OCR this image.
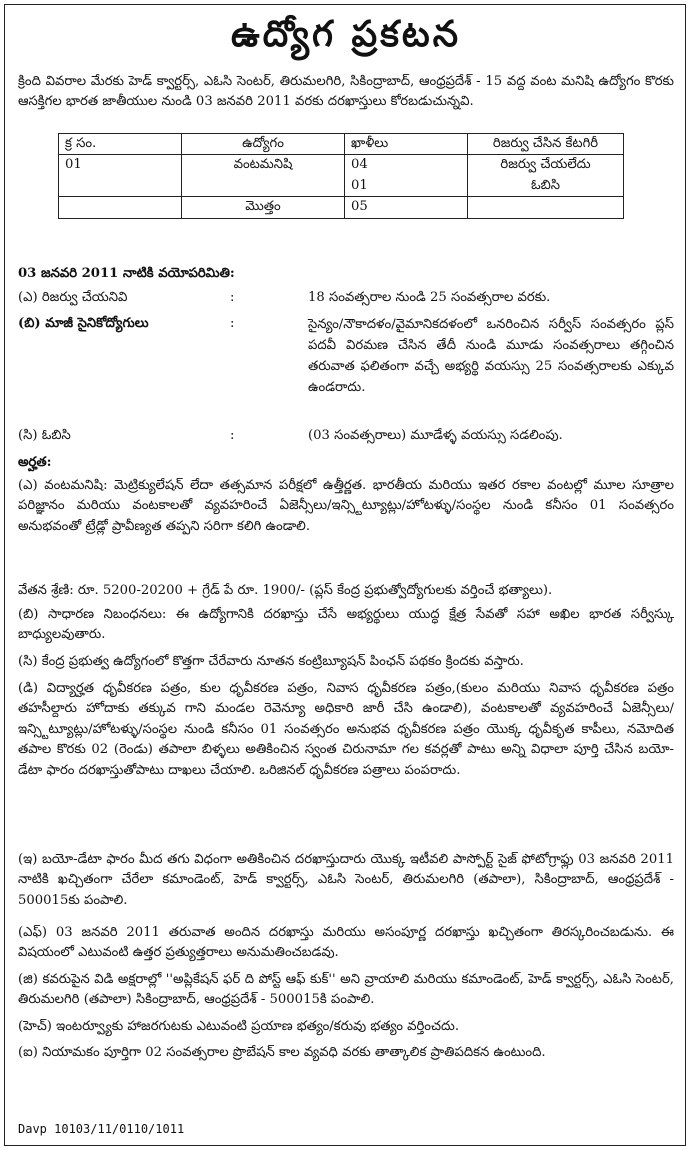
ఉద్యోగ ప్రకటన
క్రింది వివరాల మేరకు హెడ్ క్వార్టర్స్, ఎఓసి సెంటర్, తిరుమలగిరి, సికింద్రాబాద్, ఆంధ్రప్రదేశ్ - 15 వద్ద వంట మనిషి ఉద్యోగం కొరకు ఆసక్తిగల భారత జాతీయుల నుండి 03 జనవరి 2011 వరకు దరఖాస్తులు కోరబడుచున్నవి.
క్ర సం.	ఉద్యోగం	ఖాళీలు	రిజర్వు చేసిన కేటగిరీ
01	వంటమనిషి	04	రిజర్వు చేయలేదు
		01	ఓబిసి
	మొత్తం	05	
03 జనవరి 2011 నాటికి వయోపరిమితి:
(ఎ) రిజర్వు చేయనివి	:	18 సంవత్సరాల నుండి 25 సంవత్సరాల వరకు.
(బి) మాజీ సైనికోద్యోగులు	:	సైన్యం/నౌకాదళం/వైమానికదళంలో ఒనరించిన సర్వీస్ సంవత్సరం ప్లస్ పదవీ విరమణ చేసిన తేదీ నుండి మూడు సంవత్సరాలు తగ్గించిన తరువాత ఫలితంగా వచ్చే అభ్యర్థి వయస్సు 25 సంవత్సరాలకు ఎక్కువ ఉండరాదు.
(సి) ఓబిసి	:	(03 సంవత్సరాలు) మూడేళ్ళ వయస్సు సడలింపు.
అర్హత:
(ఎ) వంటమనిషి: మెట్రిక్యులేషన్ లేదా తత్సమాన పరీక్షలో ఉత్తీర్ణత. భారతీయ మరియు ఇతర రకాల వంటల్లో మూల సూత్రాల పరిజ్ఞానం మరియు వంటకాలతో వ్యవహరించే ఏజెన్సీలు/ఇన్స్టిట్యూట్లు/హోటళ్ళు/సంస్థల నుండి కనీసం 01 సంవత్సరం అనుభవంతో ట్రేడ్లో ప్రావీణ్యత తప్పని సరిగా కలిగి ఉండాలి.
వేతన శ్రేణి: రూ. 5200-20200 + గ్రేడ్ పే రూ. 1900/- (ప్లస్ కేంద్ర ప్రభుత్వోద్యోగులకు వర్తించే భత్యాలు).
(బి) సాధారణ నిబంధనలు: ఈ ఉద్యోగానికి దరఖాస్తు చేసే అభ్యర్థులు యుద్ధ క్షేత్ర సేవతో సహా అఖిల భారత సర్వీస్కు బాధ్యులవుతారు.
(సి) కేంద్ర ప్రభుత్వ ఉద్యోగంలో కొత్తగా చేరేవారు నూతన కంట్రిబ్యూషన్ పింఛన్ పథకం క్రిందకు వస్తారు.
(డి) విద్యార్హత ధృవీకరణ పత్రం, కుల ధృవీకరణ పత్రం, నివాస ధృవీకరణ పత్రం,(కులం మరియు నివాస ధృవీకరణ పత్రం తహసీల్దారు హోదాకు తక్కువ గాని మండల రెవెన్యూ అధికారి జారీ చేసి ఉండాలి), వంటకాలతో వ్యవహరించే ఏజెన్సీలు/ఇన్స్టిట్యూట్లు/హోటళ్ళు/సంస్థల నుండి కనీసం 01 సంవత్సరం అనుభవ ధృవీకరణ పత్రం యొక్క ధృవీకృత కాపీలు, నమోదిత తపాల కొరకు 02 (రెండు) తపాలా బిళ్ళలు అతికించిన స్వంత చిరునామా గల కవర్లతో పాటు అన్ని విధాలా పూర్తి చేసిన బయో-డేటా ఫారం దరఖాస్తుతోపాటు దాఖలు చేయాలి. ఒరిజినల్ ధృవీకరణ పత్రాలు పంపరాదు.
(ఇ) బయో-డేటా ఫారం మీద తగు విధంగా అతికించిన దరఖాస్తుదారు యొక్క ఇటీవలి పాస్పోర్ట్ సైజ్ ఫోటోగ్రాఫ్లు 03 జనవరి 2011 నాటికి ఖచ్చితంగా చేరేలా కమాండెంట్, హెడ్ క్వార్టర్స్, ఎఓసి సెంటర్, తిరుమలగిరి (తపాలా), సికింద్రాబాద్, ఆంధ్రప్రదేశ్ - 500015కు పంపాలి.
(ఎఫ్) 03 జనవరి 2011 తరువాత అందిన దరఖాస్తు మరియు అసంపూర్ణ దరఖాస్తు ఖచ్చితంగా తిరస్కరించబడును. ఈ విషయంలో ఎటువంటి ఉత్తర ప్రత్యుత్తరాలు అనుమతించబడవు.
(జి) కవరుపైన విడి అక్షరాల్లో ''అప్లికేషన్ ఫర్ ది పోస్ట్ ఆఫ్ కుక్'' అని వ్రాయాలి మరియు కమాండెంట్, హెడ్ క్వార్టర్స్, ఎఓసి సెంటర్, తిరుమలగిరి (తపాలా) సికింద్రాబాద్, ఆంధ్రప్రదేశ్ - 500015కి పంపాలి.
(హెచ్) ఇంటర్వ్యూకు హాజరగుటకు ఎటువంటి ప్రయాణ భత్యం/కరువు భత్యం వర్తించదు.
(ఐ) నియామకం పూర్తిగా 02 సంవత్సరాల ప్రొబేషన్ కాల వ్యవధి వరకు తాత్కాలిక ప్రాతిపదికన ఉంటుంది.
Davp 10103/11/0110/1011
